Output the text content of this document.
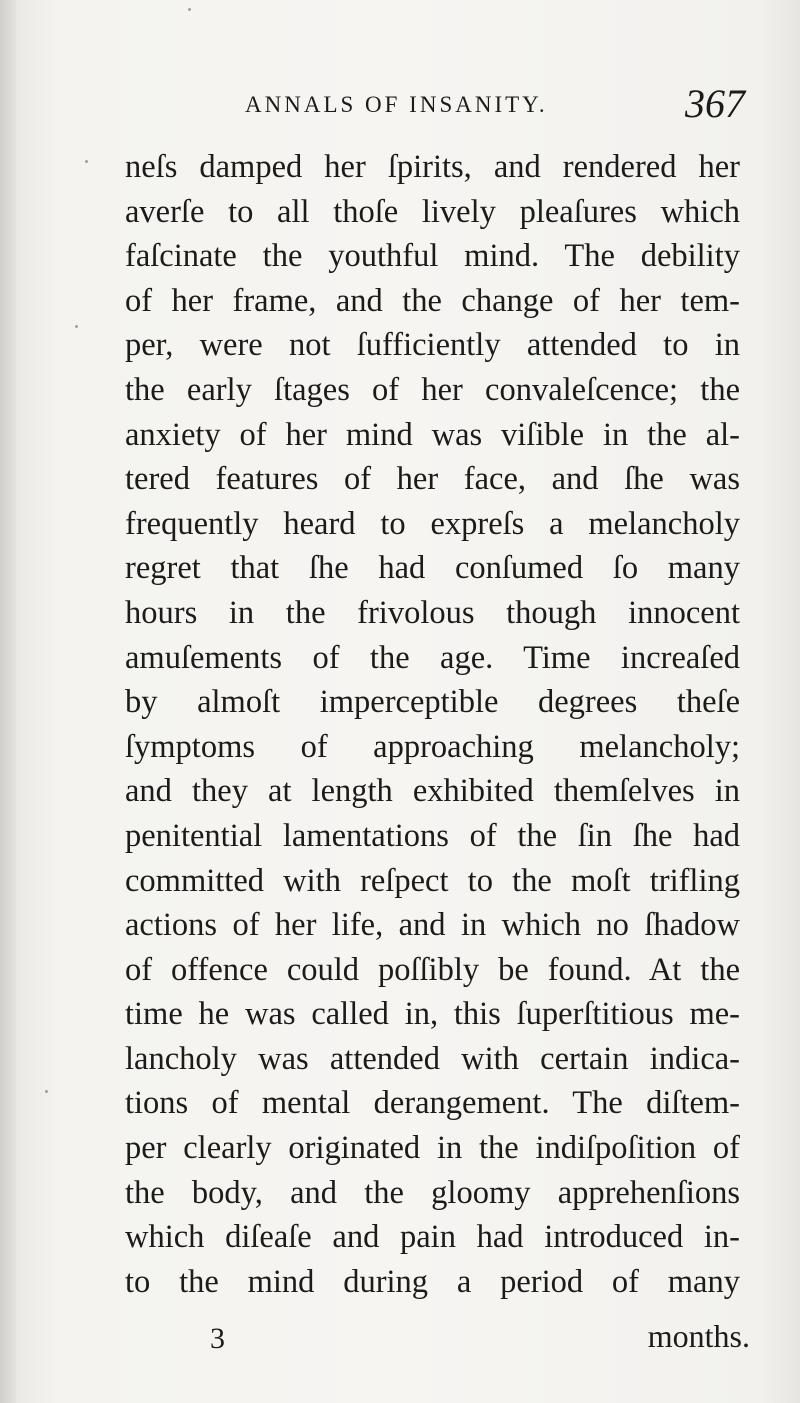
ANNALS OF INSANITY.	367
neſs damped her ſpirits, and rendered her
averſe to all thoſe lively pleaſures which
faſcinate the youthful mind. The debility
of her frame, and the change of her tem-
per, were not ſufficiently attended to in
the early ſtages of her convaleſcence; the
anxiety of her mind was viſible in the al-
tered features of her face, and ſhe was
frequently heard to expreſs a melancholy
regret that ſhe had conſumed ſo many
hours in the frivolous though innocent
amuſements of the age. Time increaſed
by almoſt imperceptible degrees theſe
ſymptoms of approaching melancholy;
and they at length exhibited themſelves in
penitential lamentations of the ſin ſhe had
committed with reſpect to the moſt trifling
actions of her life, and in which no ſhadow
of offence could poſſibly be found. At the
time he was called in, this ſuperſtitious me-
lancholy was attended with certain indica-
tions of mental derangement. The diſtem-
per clearly originated in the indiſpoſition of
the body, and the gloomy apprehenſions
which diſeaſe and pain had introduced in-
to the mind during a period of many
3	months.
